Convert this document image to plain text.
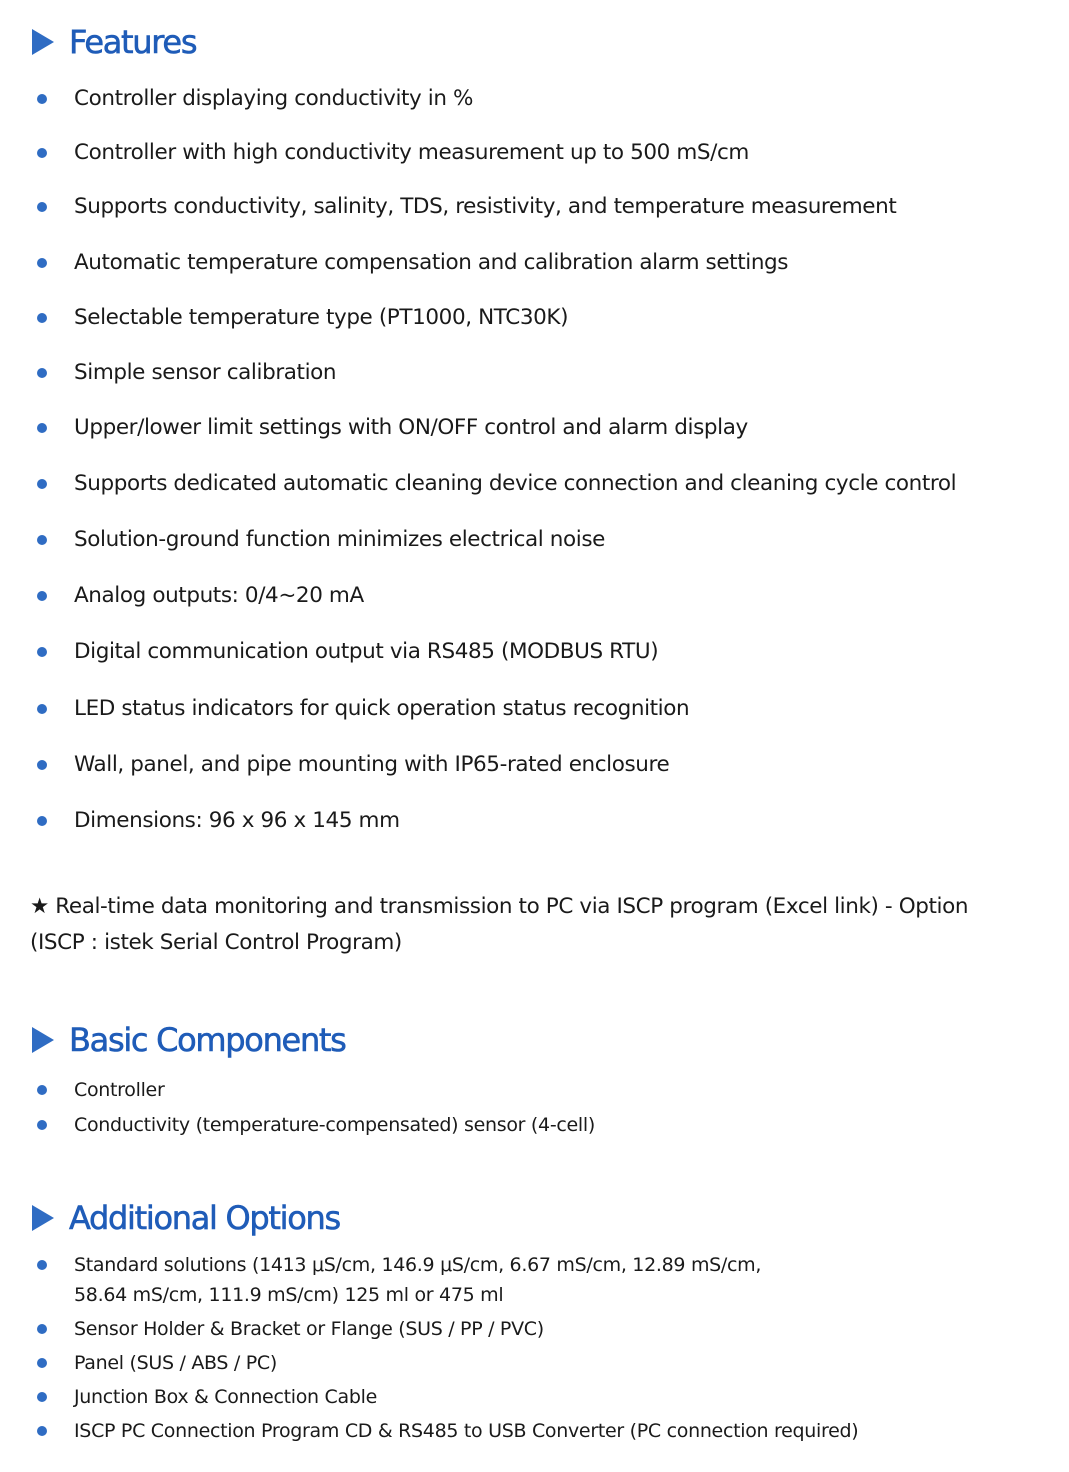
Features
Controller displaying conductivity in %
Controller with high conductivity measurement up to 500 mS/cm
Supports conductivity, salinity, TDS, resistivity, and temperature measurement
Automatic temperature compensation and calibration alarm settings
Selectable temperature type (PT1000, NTC30K)
Simple sensor calibration
Upper/lower limit settings with ON/OFF control and alarm display
Supports dedicated automatic cleaning device connection and cleaning cycle control
Solution-ground function minimizes electrical noise
Analog outputs: 0/4~20 mA
Digital communication output via RS485 (MODBUS RTU)
LED status indicators for quick operation status recognition
Wall, panel, and pipe mounting with IP65-rated enclosure
Dimensions: 96 x 96 x 145 mm
★ Real-time data monitoring and transmission to PC via ISCP program (Excel link) - Option
(ISCP : istek Serial Control Program)
Basic Components
Controller
Conductivity (temperature-compensated) sensor (4-cell)
Additional Options
Standard solutions (1413 μS/cm, 146.9 μS/cm, 6.67 mS/cm, 12.89 mS/cm,
58.64 mS/cm, 111.9 mS/cm) 125 ml or 475 ml
Sensor Holder & Bracket or Flange (SUS / PP / PVC)
Panel (SUS / ABS / PC)
Junction Box & Connection Cable
ISCP PC Connection Program CD & RS485 to USB Converter (PC connection required)
